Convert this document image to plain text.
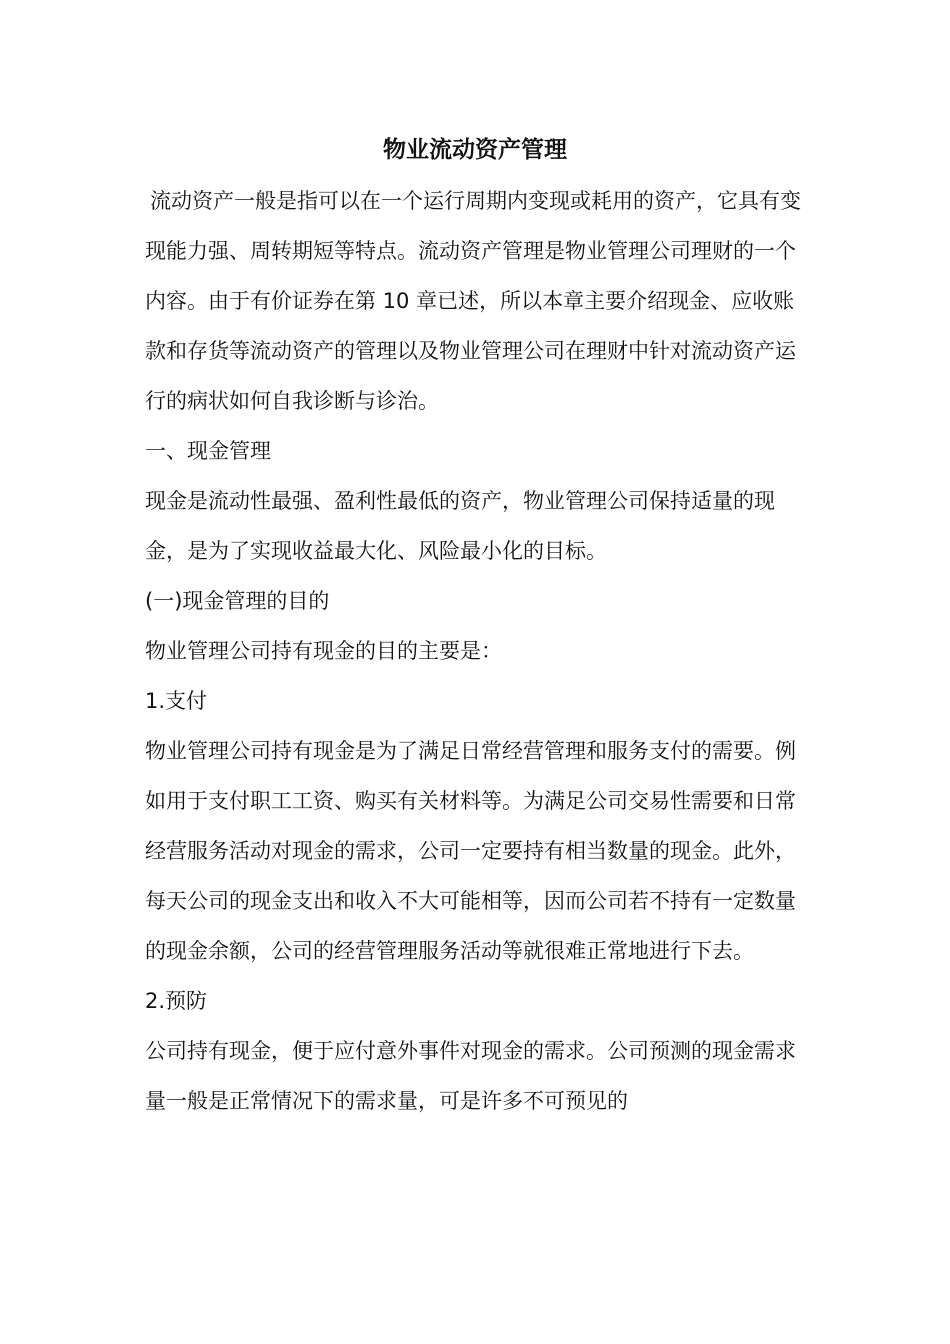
物业流动资产管理

流动资产一般是指可以在一个运行周期内变现或耗用的资产，它具有变现能力强、周转期短等特点。流动资产管理是物业管理公司理财的一个内容。由于有价证券在第 10 章已述，所以本章主要介绍现金、应收账款和存货等流动资产的管理以及物业管理公司在理财中针对流动资产运行的病状如何自我诊断与诊治。

一、现金管理

现金是流动性最强、盈利性最低的资产，物业管理公司保持适量的现金，是为了实现收益最大化、风险最小化的目标。

(一)现金管理的目的

物业管理公司持有现金的目的主要是：

1.支付

物业管理公司持有现金是为了满足日常经营管理和服务支付的需要。例如用于支付职工工资、购买有关材料等。为满足公司交易性需要和日常经营服务活动对现金的需求，公司一定要持有相当数量的现金。此外，每天公司的现金支出和收入不大可能相等，因而公司若不持有一定数量的现金余额，公司的经营管理服务活动等就很难正常地进行下去。

2.预防

公司持有现金，便于应付意外事件对现金的需求。公司预测的现金需求量一般是正常情况下的需求量，可是许多不可预见的
